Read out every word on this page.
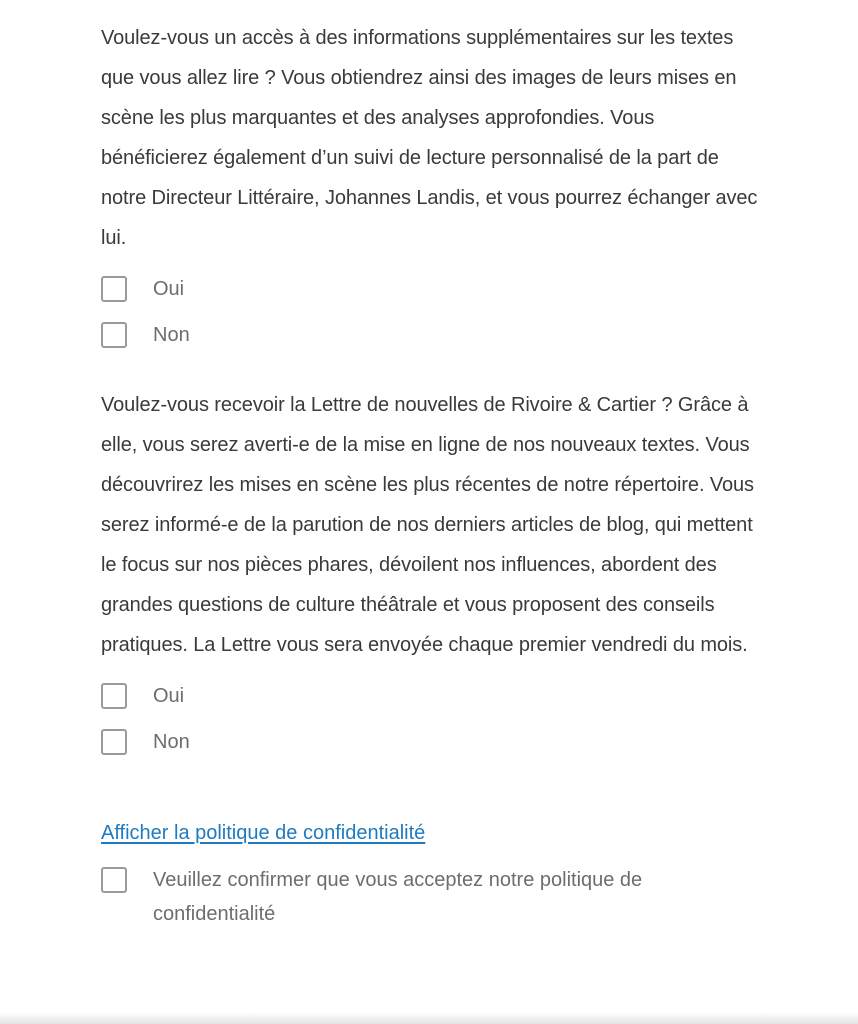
Voulez-vous un accès à des informations supplémentaires sur les textes que vous allez lire ? Vous obtiendrez ainsi des images de leurs mises en scène les plus marquantes et des analyses approfondies. Vous bénéficierez également d’un suivi de lecture personnalisé de la part de notre Directeur Littéraire, Johannes Landis, et vous pourrez échanger avec lui.

Oui
Non

Voulez-vous recevoir la Lettre de nouvelles de Rivoire & Cartier ? Grâce à elle, vous serez averti-e de la mise en ligne de nos nouveaux textes. Vous découvrirez les mises en scène les plus récentes de notre répertoire. Vous serez informé-e de la parution de nos derniers articles de blog, qui mettent le focus sur nos pièces phares, dévoilent nos influences, abordent des grandes questions de culture théâtrale et vous proposent des conseils pratiques. La Lettre vous sera envoyée chaque premier vendredi du mois.

Oui
Non
Afficher la politique de confidentialité
Veuillez confirmer que vous acceptez notre politique de confidentialité
